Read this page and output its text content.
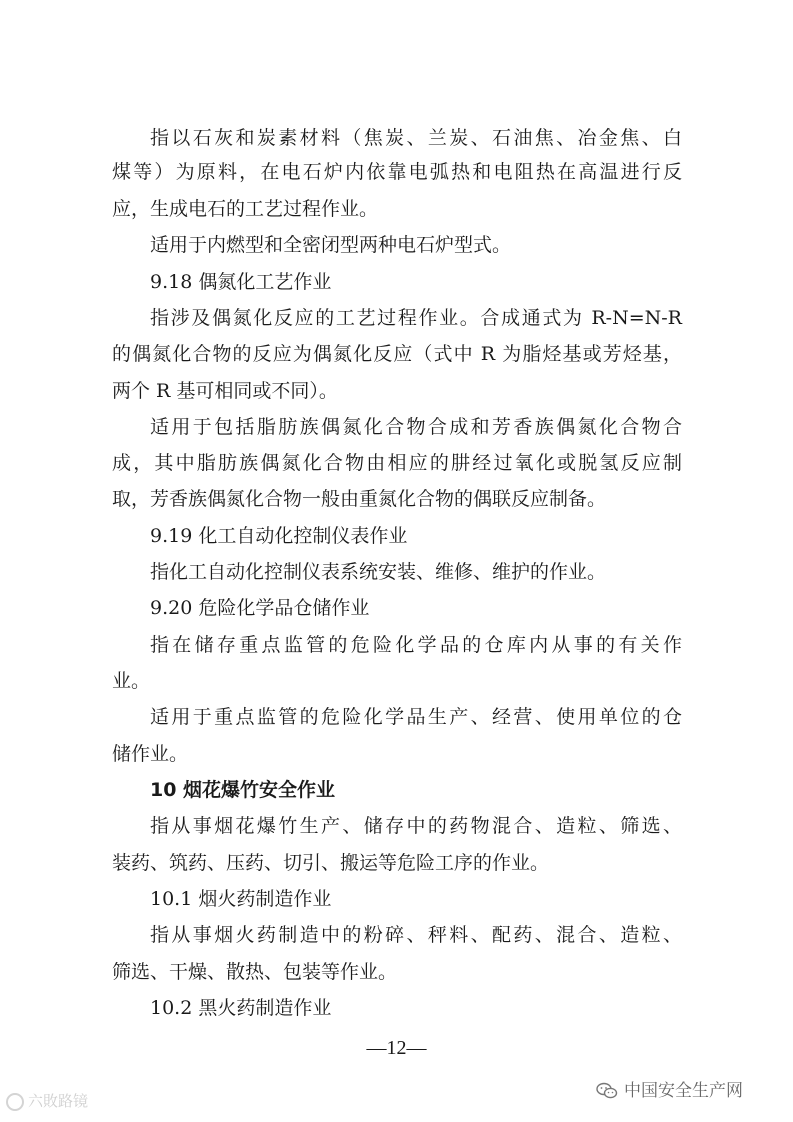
指以石灰和炭素材料（焦炭、兰炭、石油焦、冶金焦、白
煤等）为原料，在电石炉内依靠电弧热和电阻热在高温进行反
应，生成电石的工艺过程作业。
适用于内燃型和全密闭型两种电石炉型式。
9.18 偶氮化工艺作业
指涉及偶氮化反应的工艺过程作业。合成通式为 R-N=N-R
的偶氮化合物的反应为偶氮化反应（式中 R 为脂烃基或芳烃基，
两个 R 基可相同或不同）。
适用于包括脂肪族偶氮化合物合成和芳香族偶氮化合物合
成，其中脂肪族偶氮化合物由相应的肼经过氧化或脱氢反应制
取，芳香族偶氮化合物一般由重氮化合物的偶联反应制备。
9.19 化工自动化控制仪表作业
指化工自动化控制仪表系统安装、维修、维护的作业。
9.20 危险化学品仓储作业
指在储存重点监管的危险化学品的仓库内从事的有关作
业。
适用于重点监管的危险化学品生产、经营、使用单位的仓
储作业。
10 烟花爆竹安全作业
指从事烟花爆竹生产、储存中的药物混合、造粒、筛选、
装药、筑药、压药、切引、搬运等危险工序的作业。
10.1 烟火药制造作业
指从事烟火药制造中的粉碎、秤料、配药、混合、造粒、
筛选、干燥、散热、包装等作业。
10.2 黑火药制造作业
—12—
六敗路镜	中国安全生产网
